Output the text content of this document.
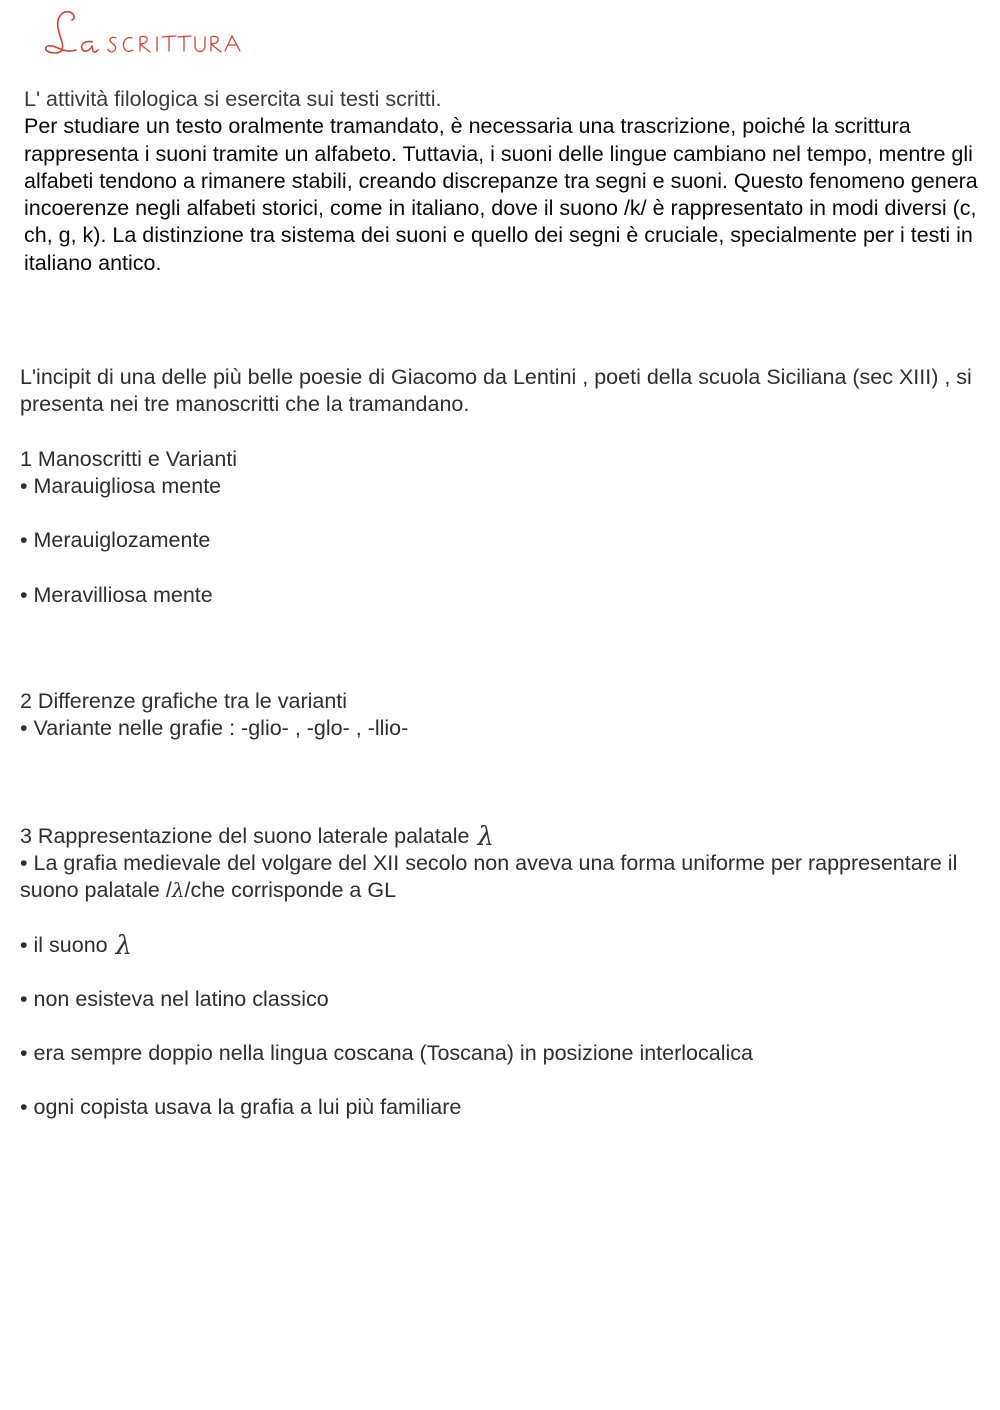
L' attività filologica si esercita sui testi scritti.
Per studiare un testo oralmente tramandato, è necessaria una trascrizione, poiché la scrittura rappresenta i suoni tramite un alfabeto. Tuttavia, i suoni delle lingue cambiano nel tempo, mentre gli alfabeti tendono a rimanere stabili, creando discrepanze tra segni e suoni. Questo fenomeno genera incoerenze negli alfabeti storici, come in italiano, dove il suono /k/ è rappresentato in modi diversi (c, ch, g, k). La distinzione tra sistema dei suoni e quello dei segni è cruciale, specialmente per i testi in italiano antico.
L'incipit di una delle più belle poesie di Giacomo da Lentini , poeti della scuola Siciliana (sec XIII) , si presenta nei tre manoscritti che la tramandano.
1 Manoscritti e Varianti
• Marauigliosa mente
• Merauiglozamente
• Meravilliosa mente
2 Differenze grafiche tra le varianti
• Variante nelle grafie : -glio- , -glo- , -llio-
3 Rappresentazione del suono laterale palatale λ
• La grafia medievale del volgare del XII secolo non aveva una forma uniforme per rappresentare il suono palatale /λ/che corrisponde a GL
• il suono λ
• non esisteva nel latino classico
• era sempre doppio nella lingua coscana (Toscana) in posizione interlocalica
• ogni copista usava la grafia a lui più familiare
